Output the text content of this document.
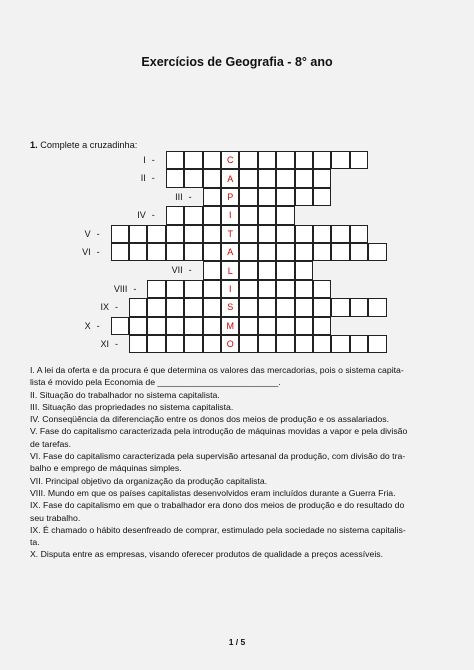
Exercícios de Geografia - 8° ano
1. Complete a cruzadinha:
I -	C
II -	A
III -	P
IV -	I
V -	T
VI -	A
VII -	L
VIII -	I
IX -	S
X -	M
XI -	O

I. A lei da oferta e da procura é que determina os valores das mercadorias, pois o sistema capita-

lista é movido pela Economia de _________________________.

II. Situação do trabalhador no sistema capitalista.

III. Situação das propriedades no sistema capitalista.

IV. Conseqüência da diferenciação entre os donos dos meios de produção e os assalariados.

V. Fase do capitalismo caracterizada pela introdução de máquinas movidas a vapor e pela divisão

de tarefas.

VI. Fase do capitalismo caracterizada pela supervisão artesanal da produção, com divisão do tra-

balho e emprego de máquinas simples.

VII. Principal objetivo da organização da produção capitalista.

VIII. Mundo em que os países capitalistas desenvolvidos eram incluídos durante a Guerra Fria.

IX. Fase do capitalismo em que o trabalhador era dono dos meios de produção e do resultado do

seu trabalho.

IX. É chamado o hábito desenfreado de comprar, estimulado pela sociedade no sistema capitalis-

ta.

X. Disputa entre as empresas, visando oferecer produtos de qualidade a preços acessíveis.

1 / 5
